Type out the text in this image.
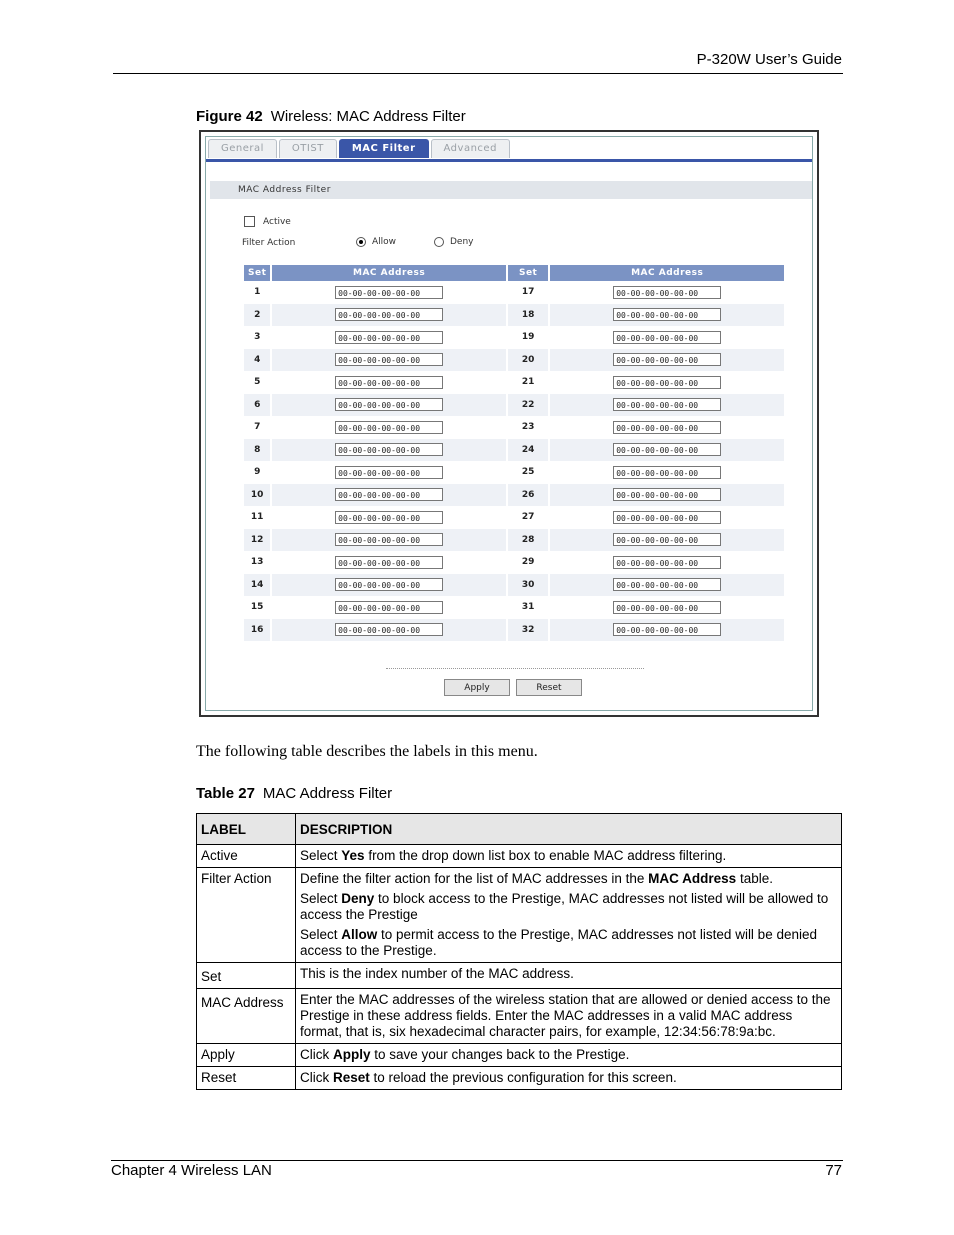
P-320W User’s Guide
Figure 42 Wireless: MAC Address Filter
General	OTIST	MAC Filter	Advanced
MAC Address Filter
Active
Filter Action	Allow	Deny
Set	MAC Address	Set	MAC Address
1	00-00-00-00-00-00	17	00-00-00-00-00-00

2	00-00-00-00-00-00	18	00-00-00-00-00-00

3	00-00-00-00-00-00	19	00-00-00-00-00-00

4	00-00-00-00-00-00	20	00-00-00-00-00-00

5	00-00-00-00-00-00	21	00-00-00-00-00-00

6	00-00-00-00-00-00	22	00-00-00-00-00-00

7	00-00-00-00-00-00	23	00-00-00-00-00-00

8	00-00-00-00-00-00	24	00-00-00-00-00-00

9	00-00-00-00-00-00	25	00-00-00-00-00-00

10	00-00-00-00-00-00	26	00-00-00-00-00-00

11	00-00-00-00-00-00	27	00-00-00-00-00-00

12	00-00-00-00-00-00	28	00-00-00-00-00-00

13	00-00-00-00-00-00	29	00-00-00-00-00-00

14	00-00-00-00-00-00	30	00-00-00-00-00-00

15	00-00-00-00-00-00	31	00-00-00-00-00-00

16	00-00-00-00-00-00	32	00-00-00-00-00-00
Apply	Reset
The following table describes the labels in this menu.
Table 27 MAC Address Filter
LABEL	DESCRIPTION
Active	Select Yes from the drop down list box to enable MAC address filtering.

Filter Action	Define the filter action for the list of MAC addresses in the MAC Address table.

Select Deny to block access to the Prestige, MAC addresses not listed will be allowed to access the Prestige

Select Allow to permit access to the Prestige, MAC addresses not listed will be denied access to the Prestige.

Set	This is the index number of the MAC address.

MAC Address	Enter the MAC addresses of the wireless station that are allowed or denied access to the Prestige in these address fields. Enter the MAC addresses in a valid MAC address format, that is, six hexadecimal character pairs, for example, 12:34:56:78:9a:bc.

Apply	Click Apply to save your changes back to the Prestige.

Reset	Click Reset to reload the previous configuration for this screen.

Chapter 4 Wireless LAN	77
